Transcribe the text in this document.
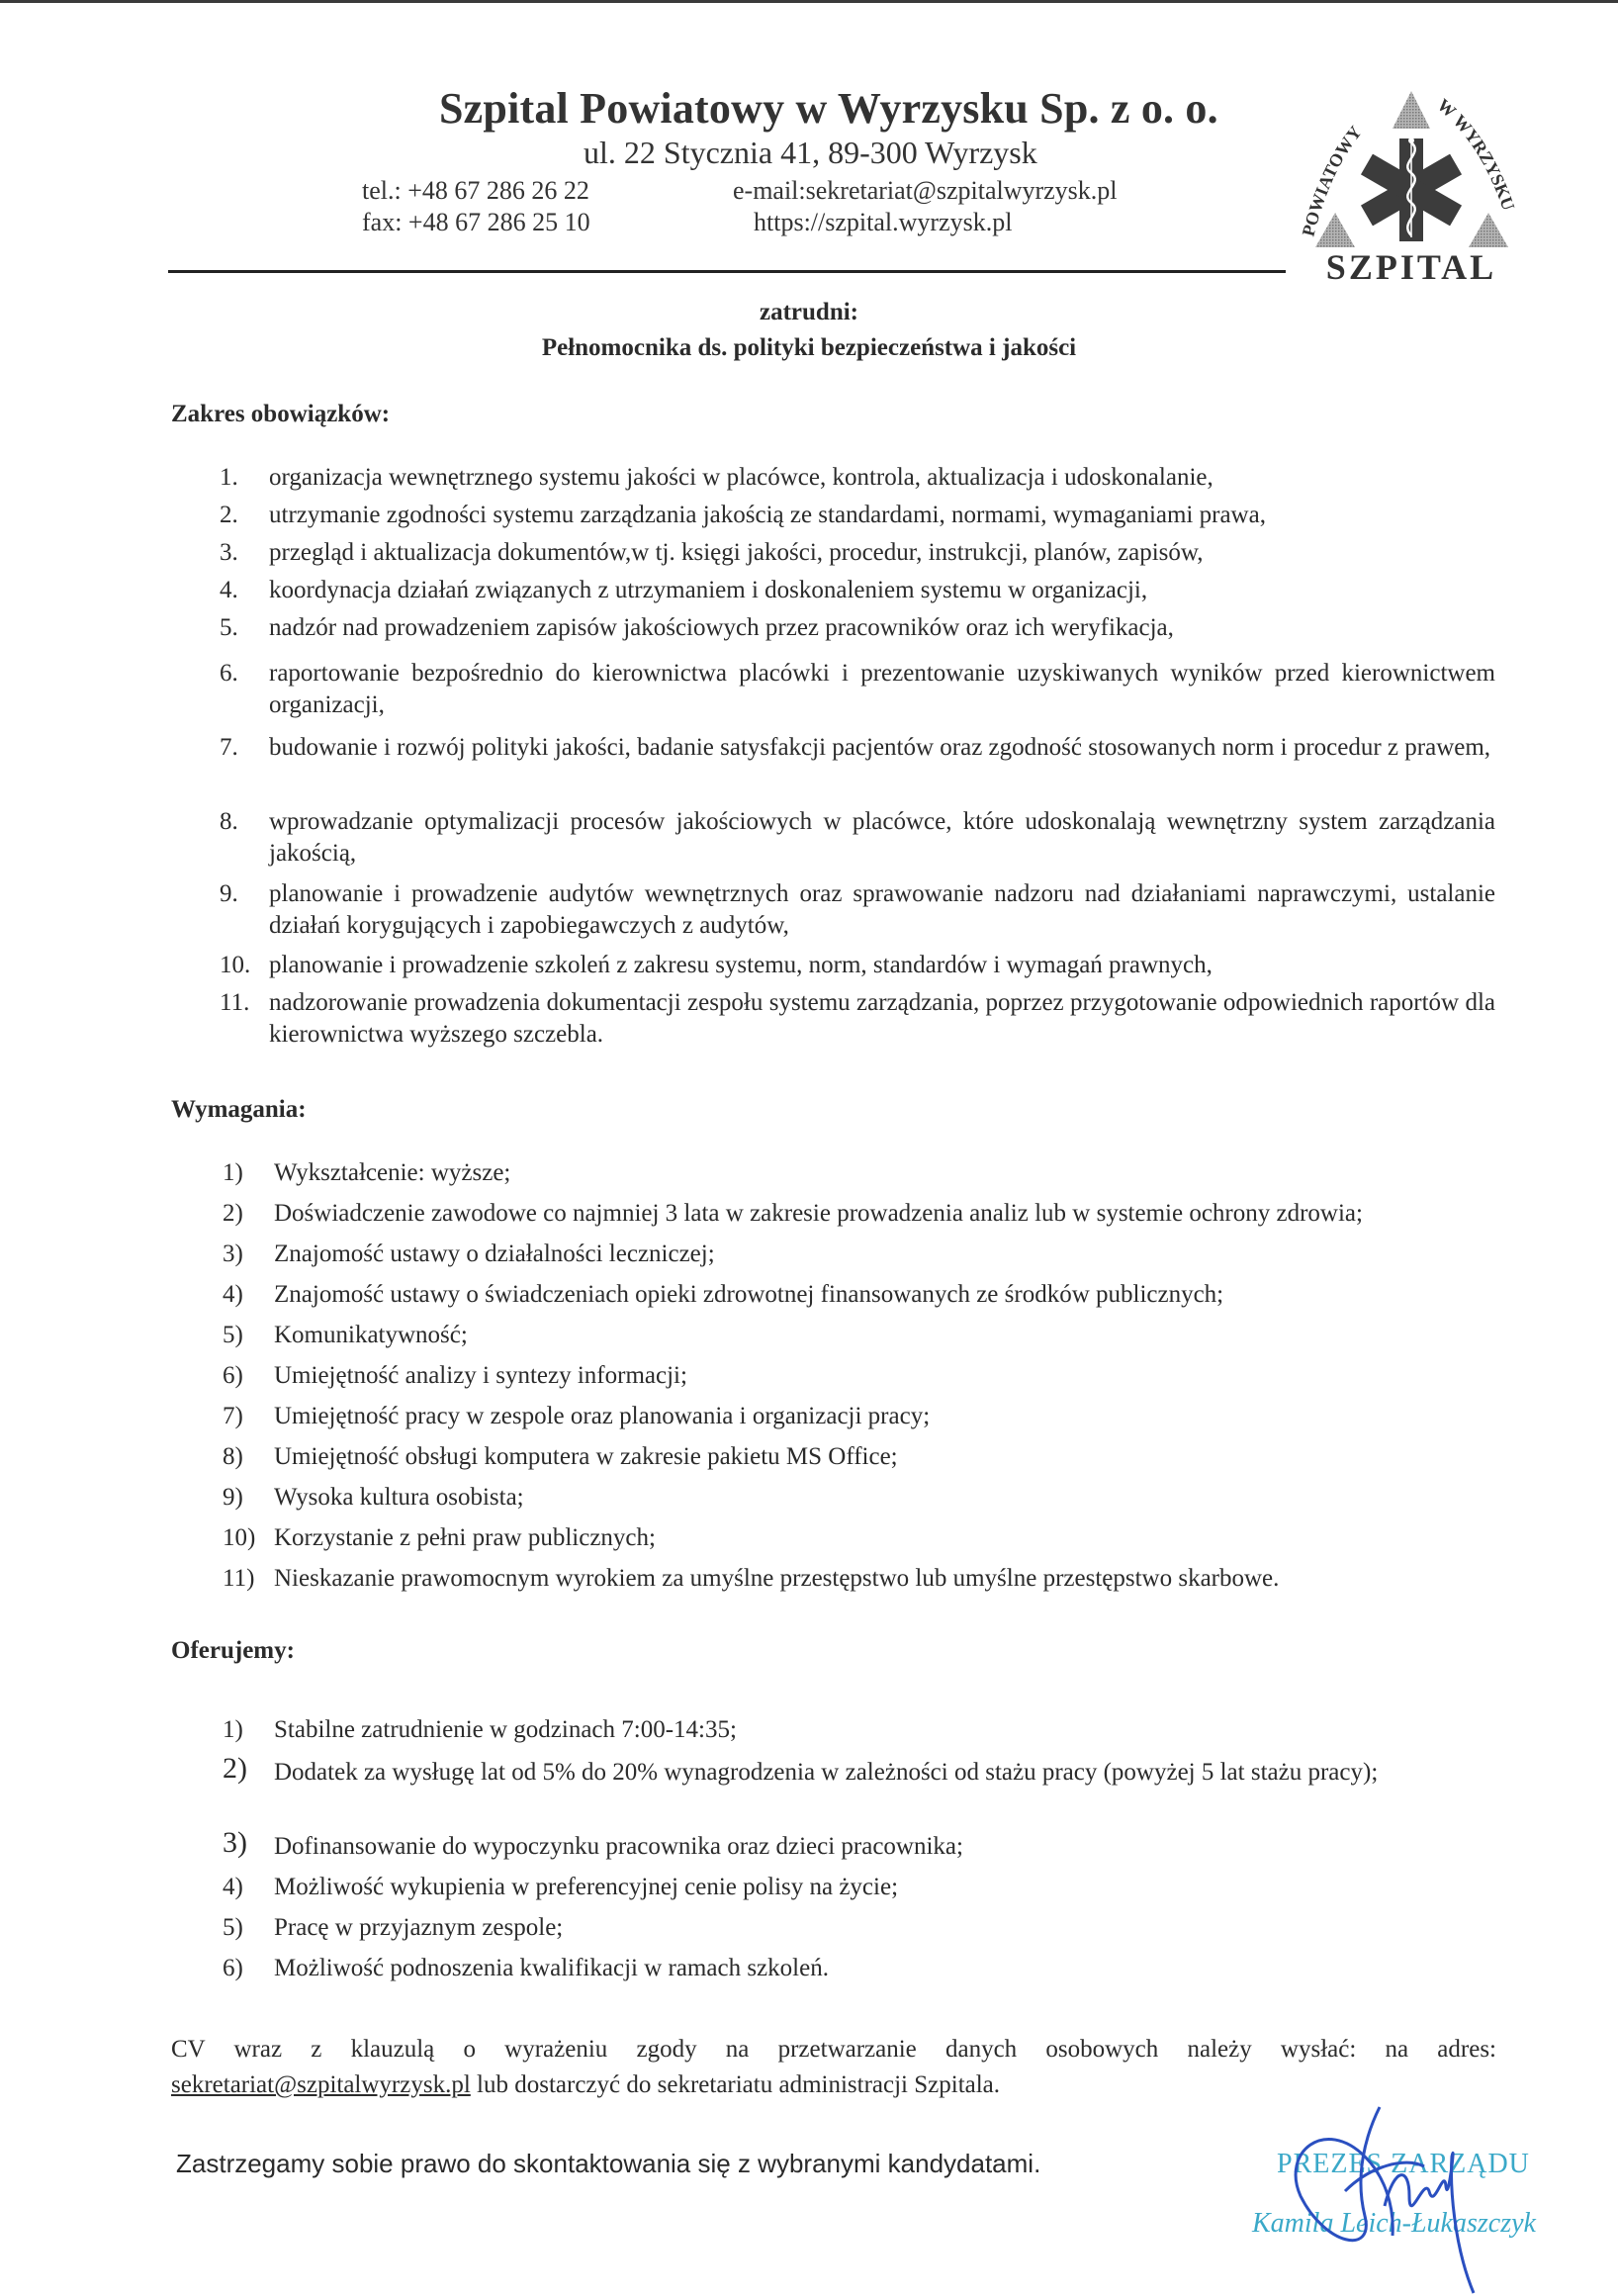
Szpital Powiatowy w Wyrzysku Sp. z o. o.
ul. 22 Stycznia 41, 89-300 Wyrzysk
tel.: +48 67 286 26 22
fax: +48 67 286 25 10
e-mail:sekretariat@szpitalwyrzysk.pl
https://szpital.wyrzysk.pl	POWIATOWY
W WYRZYSKU
SZPITAL
zatrudni:
Pełnomocnika ds. polityki bezpieczeństwa i jakości
Zakres obowiązków:
1. organizacja wewnętrznego systemu jakości w placówce, kontrola, aktualizacja i udoskonalanie,
2. utrzymanie zgodności systemu zarządzania jakością ze standardami, normami, wymaganiami prawa,
3. przegląd i aktualizacja dokumentów,w tj. księgi jakości, procedur, instrukcji, planów, zapisów,
4. koordynacja działań związanych z utrzymaniem i doskonaleniem systemu w organizacji,
5. nadzór nad prowadzeniem zapisów jakościowych przez pracowników oraz ich weryfikacja,
6. raportowanie bezpośrednio do kierownictwa placówki i prezentowanie uzyskiwanych wyników przed kierownictwem organizacji,
7. budowanie i rozwój polityki jakości, badanie satysfakcji pacjentów oraz zgodność stosowanych norm i procedur z prawem,
8. wprowadzanie optymalizacji procesów jakościowych w placówce, które udoskonalają wewnętrzny system zarządzania jakością,
9. planowanie i prowadzenie audytów wewnętrznych oraz sprawowanie nadzoru nad działaniami naprawczymi, ustalanie działań korygujących i zapobiegawczych z audytów,
10. planowanie i prowadzenie szkoleń z zakresu systemu, norm, standardów i wymagań prawnych,
11. nadzorowanie prowadzenia dokumentacji zespołu systemu zarządzania, poprzez przygotowanie odpowiednich raportów dla kierownictwa wyższego szczebla.
Wymagania:
1) Wykształcenie: wyższe;
2) Doświadczenie zawodowe co najmniej 3 lata w zakresie prowadzenia analiz lub w systemie ochrony zdrowia;
3) Znajomość ustawy o działalności leczniczej;
4) Znajomość ustawy o świadczeniach opieki zdrowotnej finansowanych ze środków publicznych;
5) Komunikatywność;
6) Umiejętność analizy i syntezy informacji;
7) Umiejętność pracy w zespole oraz planowania i organizacji pracy;
8) Umiejętność obsługi komputera w zakresie pakietu MS Office;
9) Wysoka kultura osobista;
10) Korzystanie z pełni praw publicznych;
11) Nieskazanie prawomocnym wyrokiem za umyślne przestępstwo lub umyślne przestępstwo skarbowe.
Oferujemy:
1) Stabilne zatrudnienie w godzinach 7:00-14:35;
2) Dodatek za wysługę lat od 5% do 20% wynagrodzenia w zależności od stażu pracy (powyżej 5 lat stażu pracy);
3) Dofinansowanie do wypoczynku pracownika oraz dzieci pracownika;
4) Możliwość wykupienia w preferencyjnej cenie polisy na życie;
5) Pracę w przyjaznym zespole;
6) Możliwość podnoszenia kwalifikacji w ramach szkoleń.
CV wraz z klauzulą o wyrażeniu zgody na przetwarzanie danych osobowych należy wysłać: na adres:
sekretariat@szpitalwyrzysk.pl lub dostarczyć do sekretariatu administracji Szpitala.
Zastrzegamy sobie prawo do skontaktowania się z wybranymi kandydatami.	PREZES ZARZĄDU
Kamila Leich-Łukaszczyk
